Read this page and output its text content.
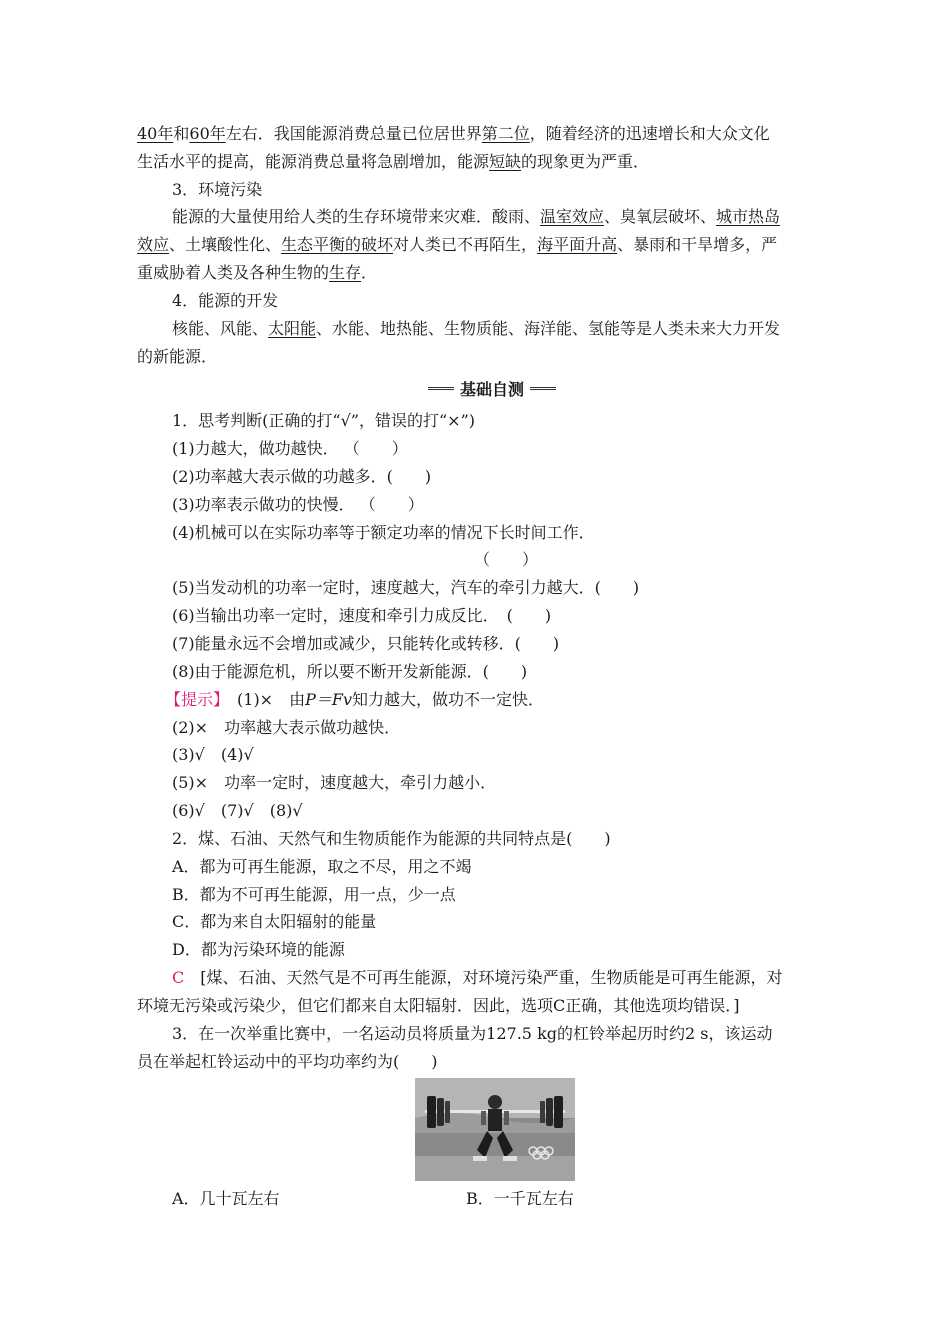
40年和60年左右．我国能源消费总量已位居世界第二位，随着经济的迅速增长和大众文化
生活水平的提高，能源消费总量将急剧增加，能源短缺的现象更为严重．
3．环境污染
能源的大量使用给人类的生存环境带来灾难．酸雨、温室效应、臭氧层破坏、城市热岛
效应、土壤酸性化、生态平衡的破坏对人类已不再陌生，海平面升高、暴雨和干旱增多，严
重威胁着人类及各种生物的生存．
4．能源的开发
核能、风能、太阳能、水能、地热能、生物质能、海洋能、氢能等是人类未来大力开发
的新能源．
基础自测
1．思考判断(正确的打“√”，错误的打“×”)
(1)力越大，做功越快． （　　）
(2)功率越大表示做的功越多．(　　)
(3)功率表示做功的快慢． （　　）
(4)机械可以在实际功率等于额定功率的情况下长时间工作．
（　　）
(5)当发动机的功率一定时，速度越大，汽车的牵引力越大．(　　)
(6)当输出功率一定时，速度和牵引力成反比．　(　　)
(7)能量永远不会增加或减少，只能转化或转移．(　　)
(8)由于能源危机，所以要不断开发新能源．(　　)
【提示】　(1)×　由P＝Fv知力越大，做功不一定快．
(2)×　功率越大表示做功越快．
(3)√　(4)√
(5)×　功率一定时，速度越大，牵引力越小．
(6)√　(7)√　(8)√
2．煤、石油、天然气和生物质能作为能源的共同特点是(　　)
A．都为可再生能源，取之不尽，用之不竭
B．都为不可再生能源，用一点，少一点
C．都为来自太阳辐射的能量
D．都为污染环境的能源
C　[煤、石油、天然气是不可再生能源，对环境污染严重，生物质能是可再生能源，对
环境无污染或污染少，但它们都来自太阳辐射．因此，选项C正确，其他选项均错误．]
3．在一次举重比赛中，一名运动员将质量为127.5 kg的杠铃举起历时约2 s，该运动
员在举起杠铃运动中的平均功率约为(　　)
A．几十瓦左右	B．一千瓦左右
